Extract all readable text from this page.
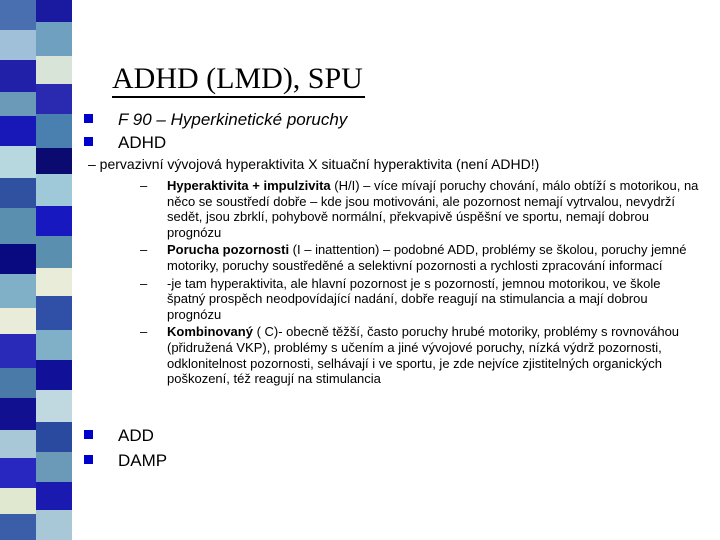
ADHD (LMD), SPU
F 90 – Hyperkinetické poruchy
ADHD
– pervazivní vývojová hyperaktivita X situační hyperaktivita (není ADHD!)
–	Hyperaktivita + impulzivita (H/I) – více mívají poruchy chování, málo obtíží s motorikou, na něco se soustředí dobře – kde jsou motivováni, ale pozornost nemají vytrvalou, nevydrží sedět, jsou zbrklí, pohybově normální, překvapivě úspěšní ve sportu, nemají dobrou prognózu
–	Porucha pozornosti (I – inattention) – podobné ADD, problémy se školou, poruchy jemné motoriky, poruchy soustředěné a selektivní pozornosti a rychlosti zpracování informací
–	-je tam hyperaktivita, ale hlavní pozornost je s pozorností, jemnou motorikou, ve škole špatný prospěch neodpovídající nadání, dobře reagují na stimulancia a mají dobrou prognózu
–	Kombinovaný ( C)- obecně těžší, často poruchy hrubé motoriky, problémy s rovnováhou (přidružená VKP), problémy s učením a jiné vývojové poruchy, nízká výdrž pozornosti, odklonitelnost pozornosti, selhávají i ve sportu, je zde nejvíce zjistitelných organických poškození, též reagují na stimulancia
ADD
DAMP
